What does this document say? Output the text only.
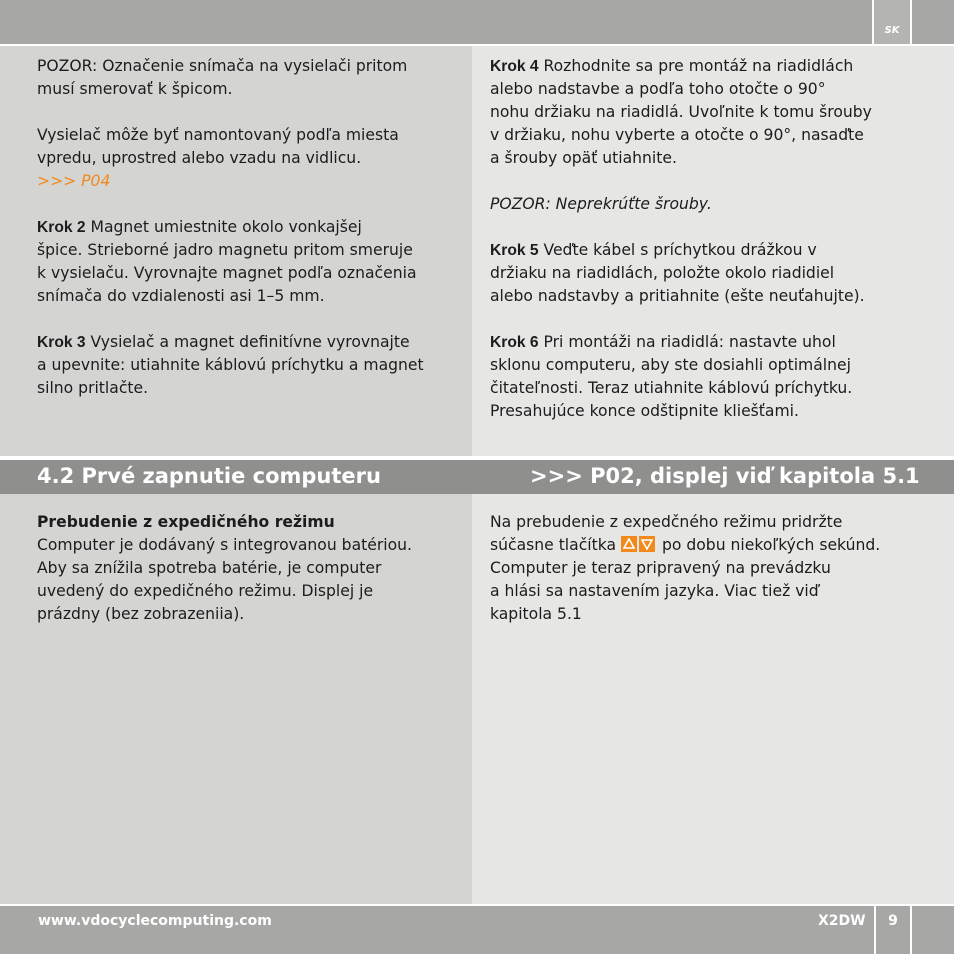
SK

POZOR: Označenie snímača na vysielači pritom

musí smerovať k špicom.

Vysielač môže byť namontovaný podľa miesta

vpredu, uprostred alebo vzadu na vidlicu.

>>> P04

Krok 2 Magnet umiestnite okolo vonkajšej

špice. Strieborné jadro magnetu pritom smeruje

k vysielaču. Vyrovnajte magnet podľa označenia

snímača do vzdialenosti asi 1–5 mm.

Krok 3 Vysielač a magnet definitívne vyrovnajte

a upevnite: utiahnite káblovú príchytku a magnet

silno pritlačte.

Krok 4 Rozhodnite sa pre montáž na riadidlách

alebo nadstavbe a podľa toho otočte o 90°

nohu držiaku na riadidlá. Uvoľnite k tomu šrouby

v držiaku, nohu vyberte a otočte o 90°, nasaďte

a šrouby opäť utiahnite.

POZOR: Neprekrúťte šrouby.

Krok 5 Veďte kábel s príchytkou drážkou v

držiaku na riadidlách, položte okolo riadidiel

alebo nadstavby a pritiahnite (ešte neuťahujte).

Krok 6 Pri montáži na riadidlá: nastavte uhol

sklonu computeru, aby ste dosiahli optimálnej

čitateľnosti. Teraz utiahnite káblovú príchytku.

Presahujúce konce odštipnite kliešťami.

4.2 Prvé zapnutie computeru	>>> P02, displej viď kapitola 5.1

Prebudenie z expedičného režimu

Computer je dodávaný s integrovanou batériou.

Aby sa znížila spotreba batérie, je computer

uvedený do expedičného režimu. Displej je

prázdny (bez zobrazeniia).

Na prebudenie z expedčného režimu pridržte

súčasne tlačítka
po dobu niekoľkých sekúnd.

Computer je teraz pripravený na prevádzku

a hlási sa nastavením jazyka. Viac tiež viď

kapitola 5.1

www.vdocyclecomputing.com	X2DW	9
